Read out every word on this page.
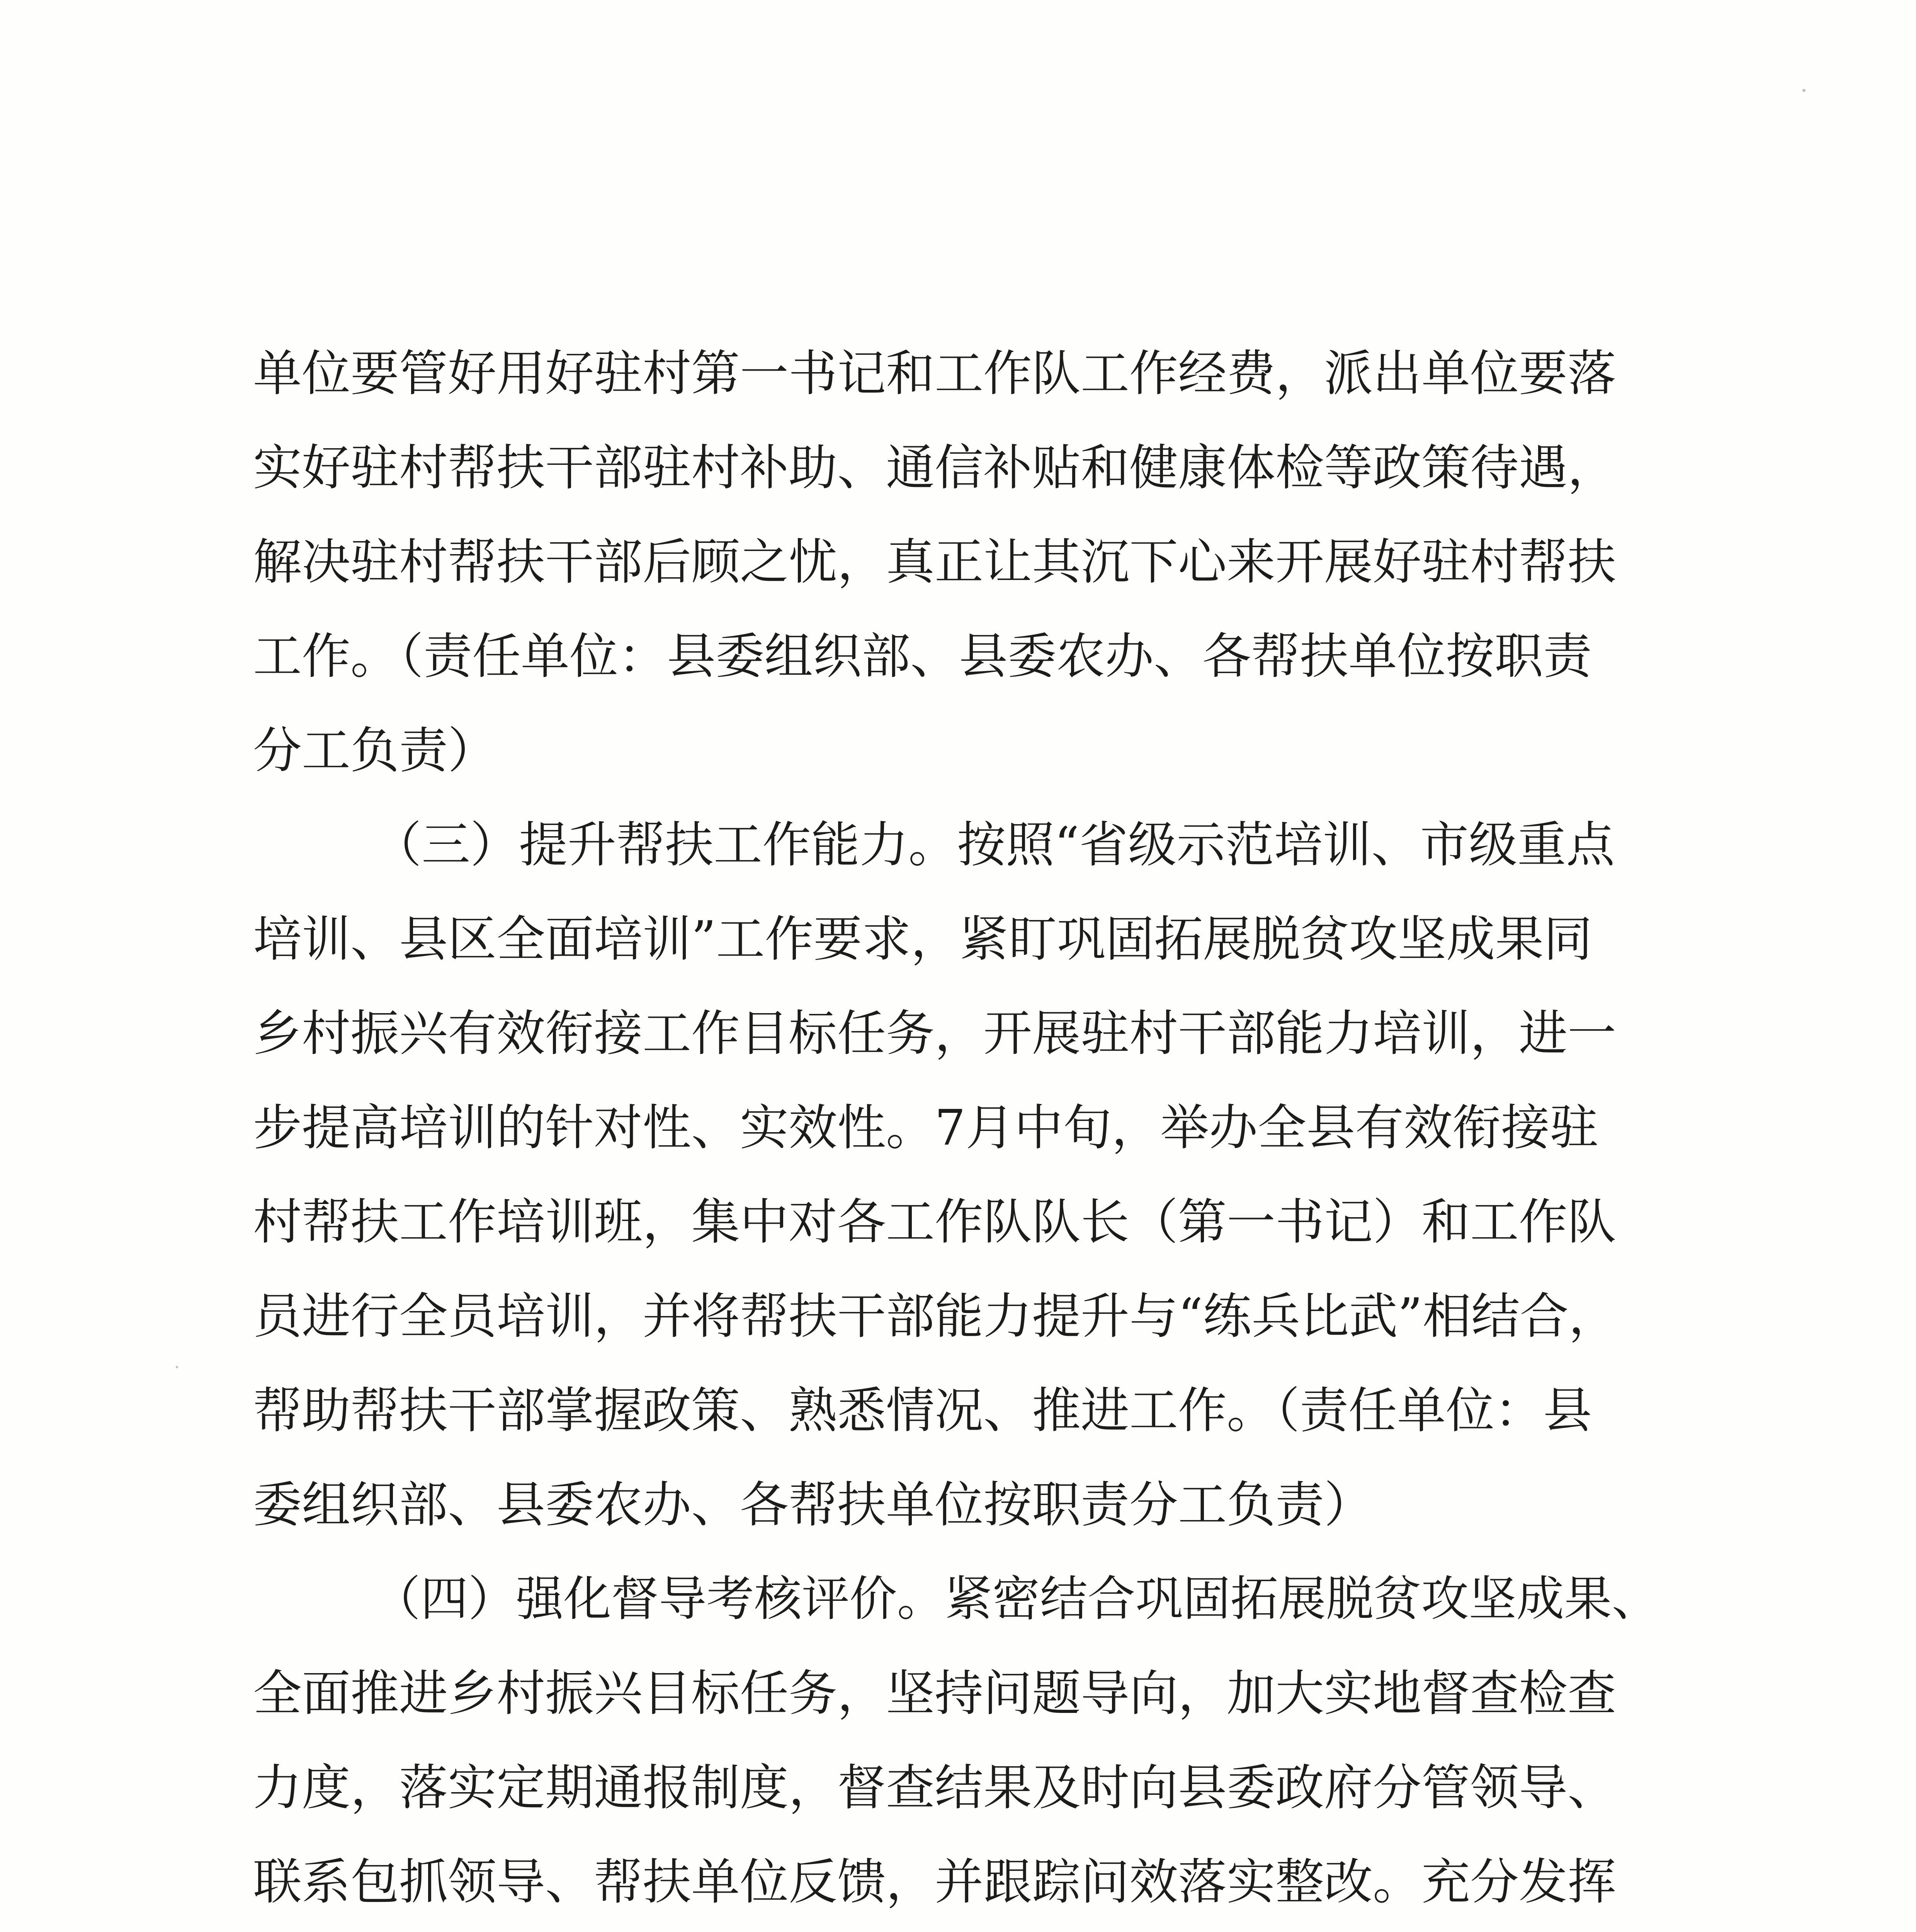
单位要管好用好驻村第一书记和工作队工作经费，派出单位要落
实好驻村帮扶干部驻村补助、通信补贴和健康体检等政策待遇，
解决驻村帮扶干部后顾之忧，真正让其沉下心来开展好驻村帮扶
工作。（责任单位：县委组织部、县委农办、各帮扶单位按职责
分工负责）
（三）提升帮扶工作能力。按照“省级示范培训、市级重点
培训、县区全面培训”工作要求，紧盯巩固拓展脱贫攻坚成果同
乡村振兴有效衔接工作目标任务，开展驻村干部能力培训，进一
步提高培训的针对性、实效性。7月中旬，举办全县有效衔接驻
村帮扶工作培训班，集中对各工作队队长（第一书记）和工作队
员进行全员培训，并将帮扶干部能力提升与“练兵比武”相结合，
帮助帮扶干部掌握政策、熟悉情况、推进工作。（责任单位：县
委组织部、县委农办、各帮扶单位按职责分工负责）
（四）强化督导考核评价。紧密结合巩固拓展脱贫攻坚成果、
全面推进乡村振兴目标任务，坚持问题导向，加大实地督查检查
力度，落实定期通报制度，督查结果及时向县委政府分管领导、
联系包抓领导、帮扶单位反馈，并跟踪问效落实整改。充分发挥
